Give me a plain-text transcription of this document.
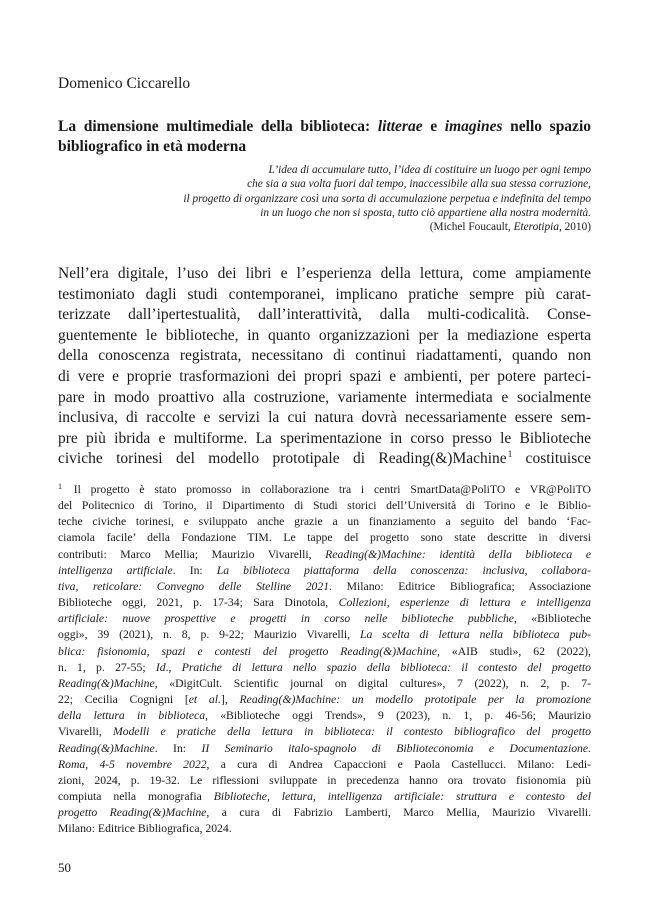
Domenico Ciccarello
La dimensione multimediale della biblioteca: litterae e imagines nello spazio bibliografico in età moderna
L’idea di accumulare tutto, l’idea di costituire un luogo per ogni tempo
che sia a sua volta fuori dal tempo, inaccessibile alla sua stessa corruzione,
il progetto di organizzare così una sorta di accumulazione perpetua e indefinita del tempo
in un luogo che non si sposta, tutto ciò appartiene alla nostra modernità.
(Michel Foucault, Eterotipia, 2010)
Nell’era digitale, l’uso dei libri e l’esperienza della lettura, come ampiamente
testimoniato dagli studi contemporanei, implicano pratiche sempre più carat-
terizzate dall’ipertestualità, dall’interattività, dalla multi-codicalità. Conse-
guentemente le biblioteche, in quanto organizzazioni per la mediazione esperta
della conoscenza registrata, necessitano di continui riadattamenti, quando non
di vere e proprie trasformazioni dei propri spazi e ambienti, per potere parteci-
pare in modo proattivo alla costruzione, variamente intermediata e socialmente
inclusiva, di raccolte e servizi la cui natura dovrà necessariamente essere sem-
pre più ibrida e multiforme. La sperimentazione in corso presso le Biblioteche
civiche torinesi del modello prototipale di Reading(&)Machine$^1$ costituisce
$^1$ Il progetto è stato promosso in collaborazione tra i centri SmartData@PoliTO e VR@PoliTO
del Politecnico di Torino, il Dipartimento di Studi storici dell’Università di Torino e le Biblio-
teche civiche torinesi, e sviluppato anche grazie a un finanziamento a seguito del bando ‘Fac-
ciamola facile’ della Fondazione TIM. Le tappe del progetto sono state descritte in diversi
contributi: Marco Mellia; Maurizio Vivarelli, Reading(&)Machine: identità della biblioteca e
intelligenza artificiale. In: La biblioteca piattaforma della conoscenza: inclusiva, collabora-
tiva, reticolare: Convegno delle Stelline 2021. Milano: Editrice Bibliografica; Associazione
Biblioteche oggi, 2021, p. 17-34; Sara Dinotola, Collezioni, esperienze di lettura e intelligenza
artificiale: nuove prospettive e progetti in corso nelle biblioteche pubbliche, «Biblioteche
oggi», 39 (2021), n. 8, p. 9-22; Maurizio Vivarelli, La scelta di lettura nella biblioteca pub-
blica: fisionomia, spazi e contesti del progetto Reading(&)Machine, «AIB studi», 62 (2022),
n. 1, p. 27-55; Id., Pratiche di lettura nello spazio della biblioteca: il contesto del progetto
Reading(&)Machine, «DigitCult. Scientific journal on digital cultures», 7 (2022), n. 2, p. 7-
22; Cecilia Cognigni [et al.], Reading(&)Machine: un modello prototipale per la promozione
della lettura in biblioteca, «Biblioteche oggi Trends», 9 (2023), n. 1, p. 46-56; Maurizio
Vivarelli, Modelli e pratiche della lettura in biblioteca: il contesto bibliografico del progetto
Reading(&)Machine. In: II Seminario italo-spagnolo di Biblioteconomia e Documentazione.
Roma, 4-5 novembre 2022, a cura di Andrea Capaccioni e Paola Castellucci. Milano: Ledi-
zioni, 2024, p. 19-32. Le riflessioni sviluppate in precedenza hanno ora trovato fisionomia più
compiuta nella monografia Biblioteche, lettura, intelligenza artificiale: struttura e contesto del
progetto Reading(&)Machine, a cura di Fabrizio Lamberti, Marco Mellia, Maurizio Vivarelli.
Milano: Editrice Bibliografica, 2024.
50
